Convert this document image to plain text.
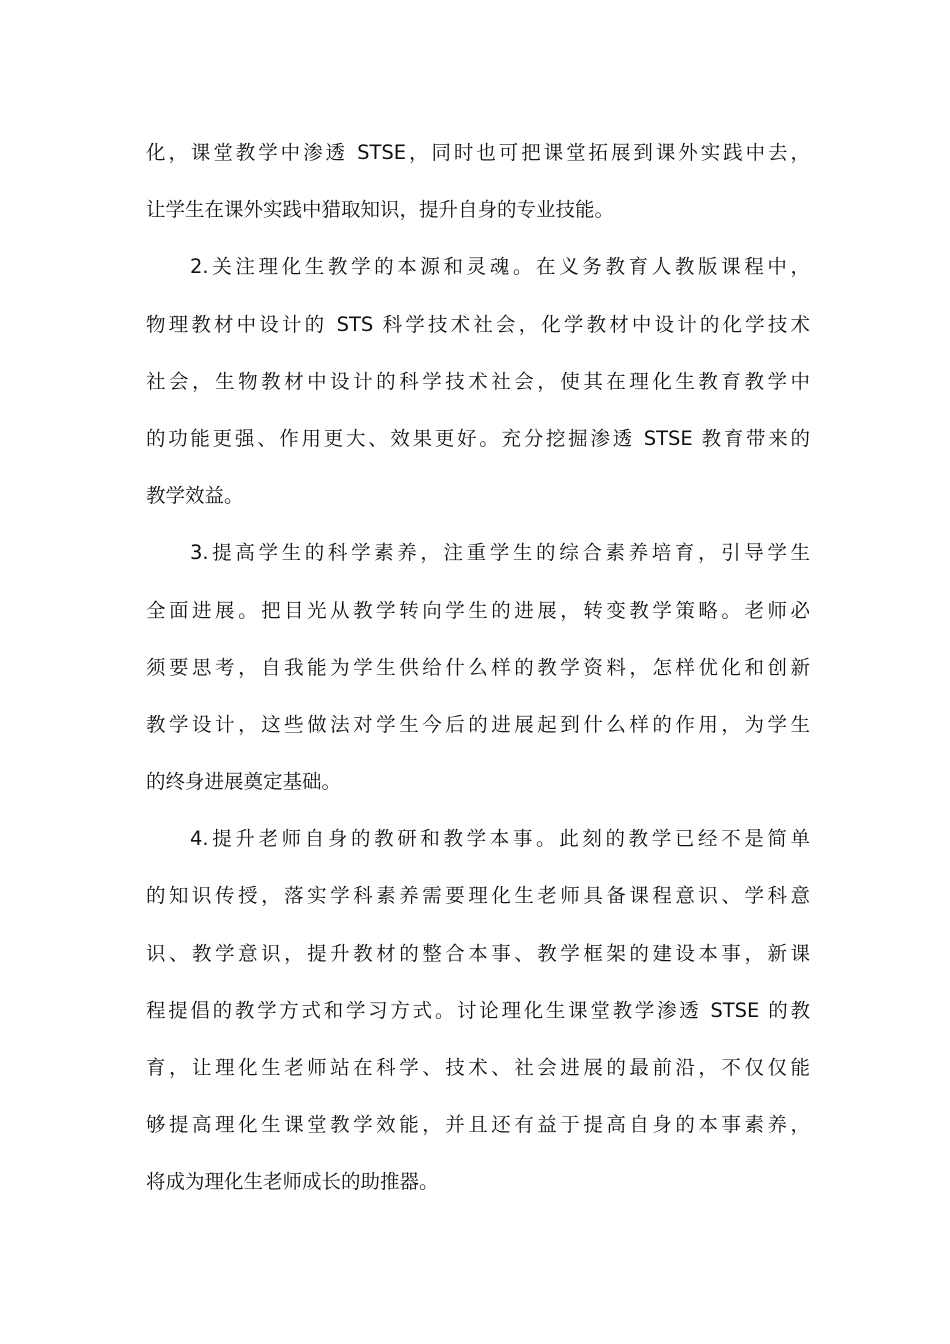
化，课堂教学中渗透 STSE，同时也可把课堂拓展到课外实践中去，
让学生在课外实践中猎取知识，提升自身的专业技能。
2.关注理化生教学的本源和灵魂。在义务教育人教版课程中，
物理教材中设计的 STS 科学技术社会，化学教材中设计的化学技术
社会，生物教材中设计的科学技术社会，使其在理化生教育教学中
的功能更强、作用更大、效果更好。充分挖掘渗透 STSE 教育带来的
教学效益。
3.提高学生的科学素养，注重学生的综合素养培育，引导学生
全面进展。把目光从教学转向学生的进展，转变教学策略。老师必
须要思考，自我能为学生供给什么样的教学资料，怎样优化和创新
教学设计，这些做法对学生今后的进展起到什么样的作用，为学生
的终身进展奠定基础。
4.提升老师自身的教研和教学本事。此刻的教学已经不是简单
的知识传授，落实学科素养需要理化生老师具备课程意识、学科意
识、教学意识，提升教材的整合本事、教学框架的建设本事，新课
程提倡的教学方式和学习方式。讨论理化生课堂教学渗透 STSE 的教
育，让理化生老师站在科学、技术、社会进展的最前沿，不仅仅能
够提高理化生课堂教学效能，并且还有益于提高自身的本事素养，
将成为理化生老师成长的助推器。
